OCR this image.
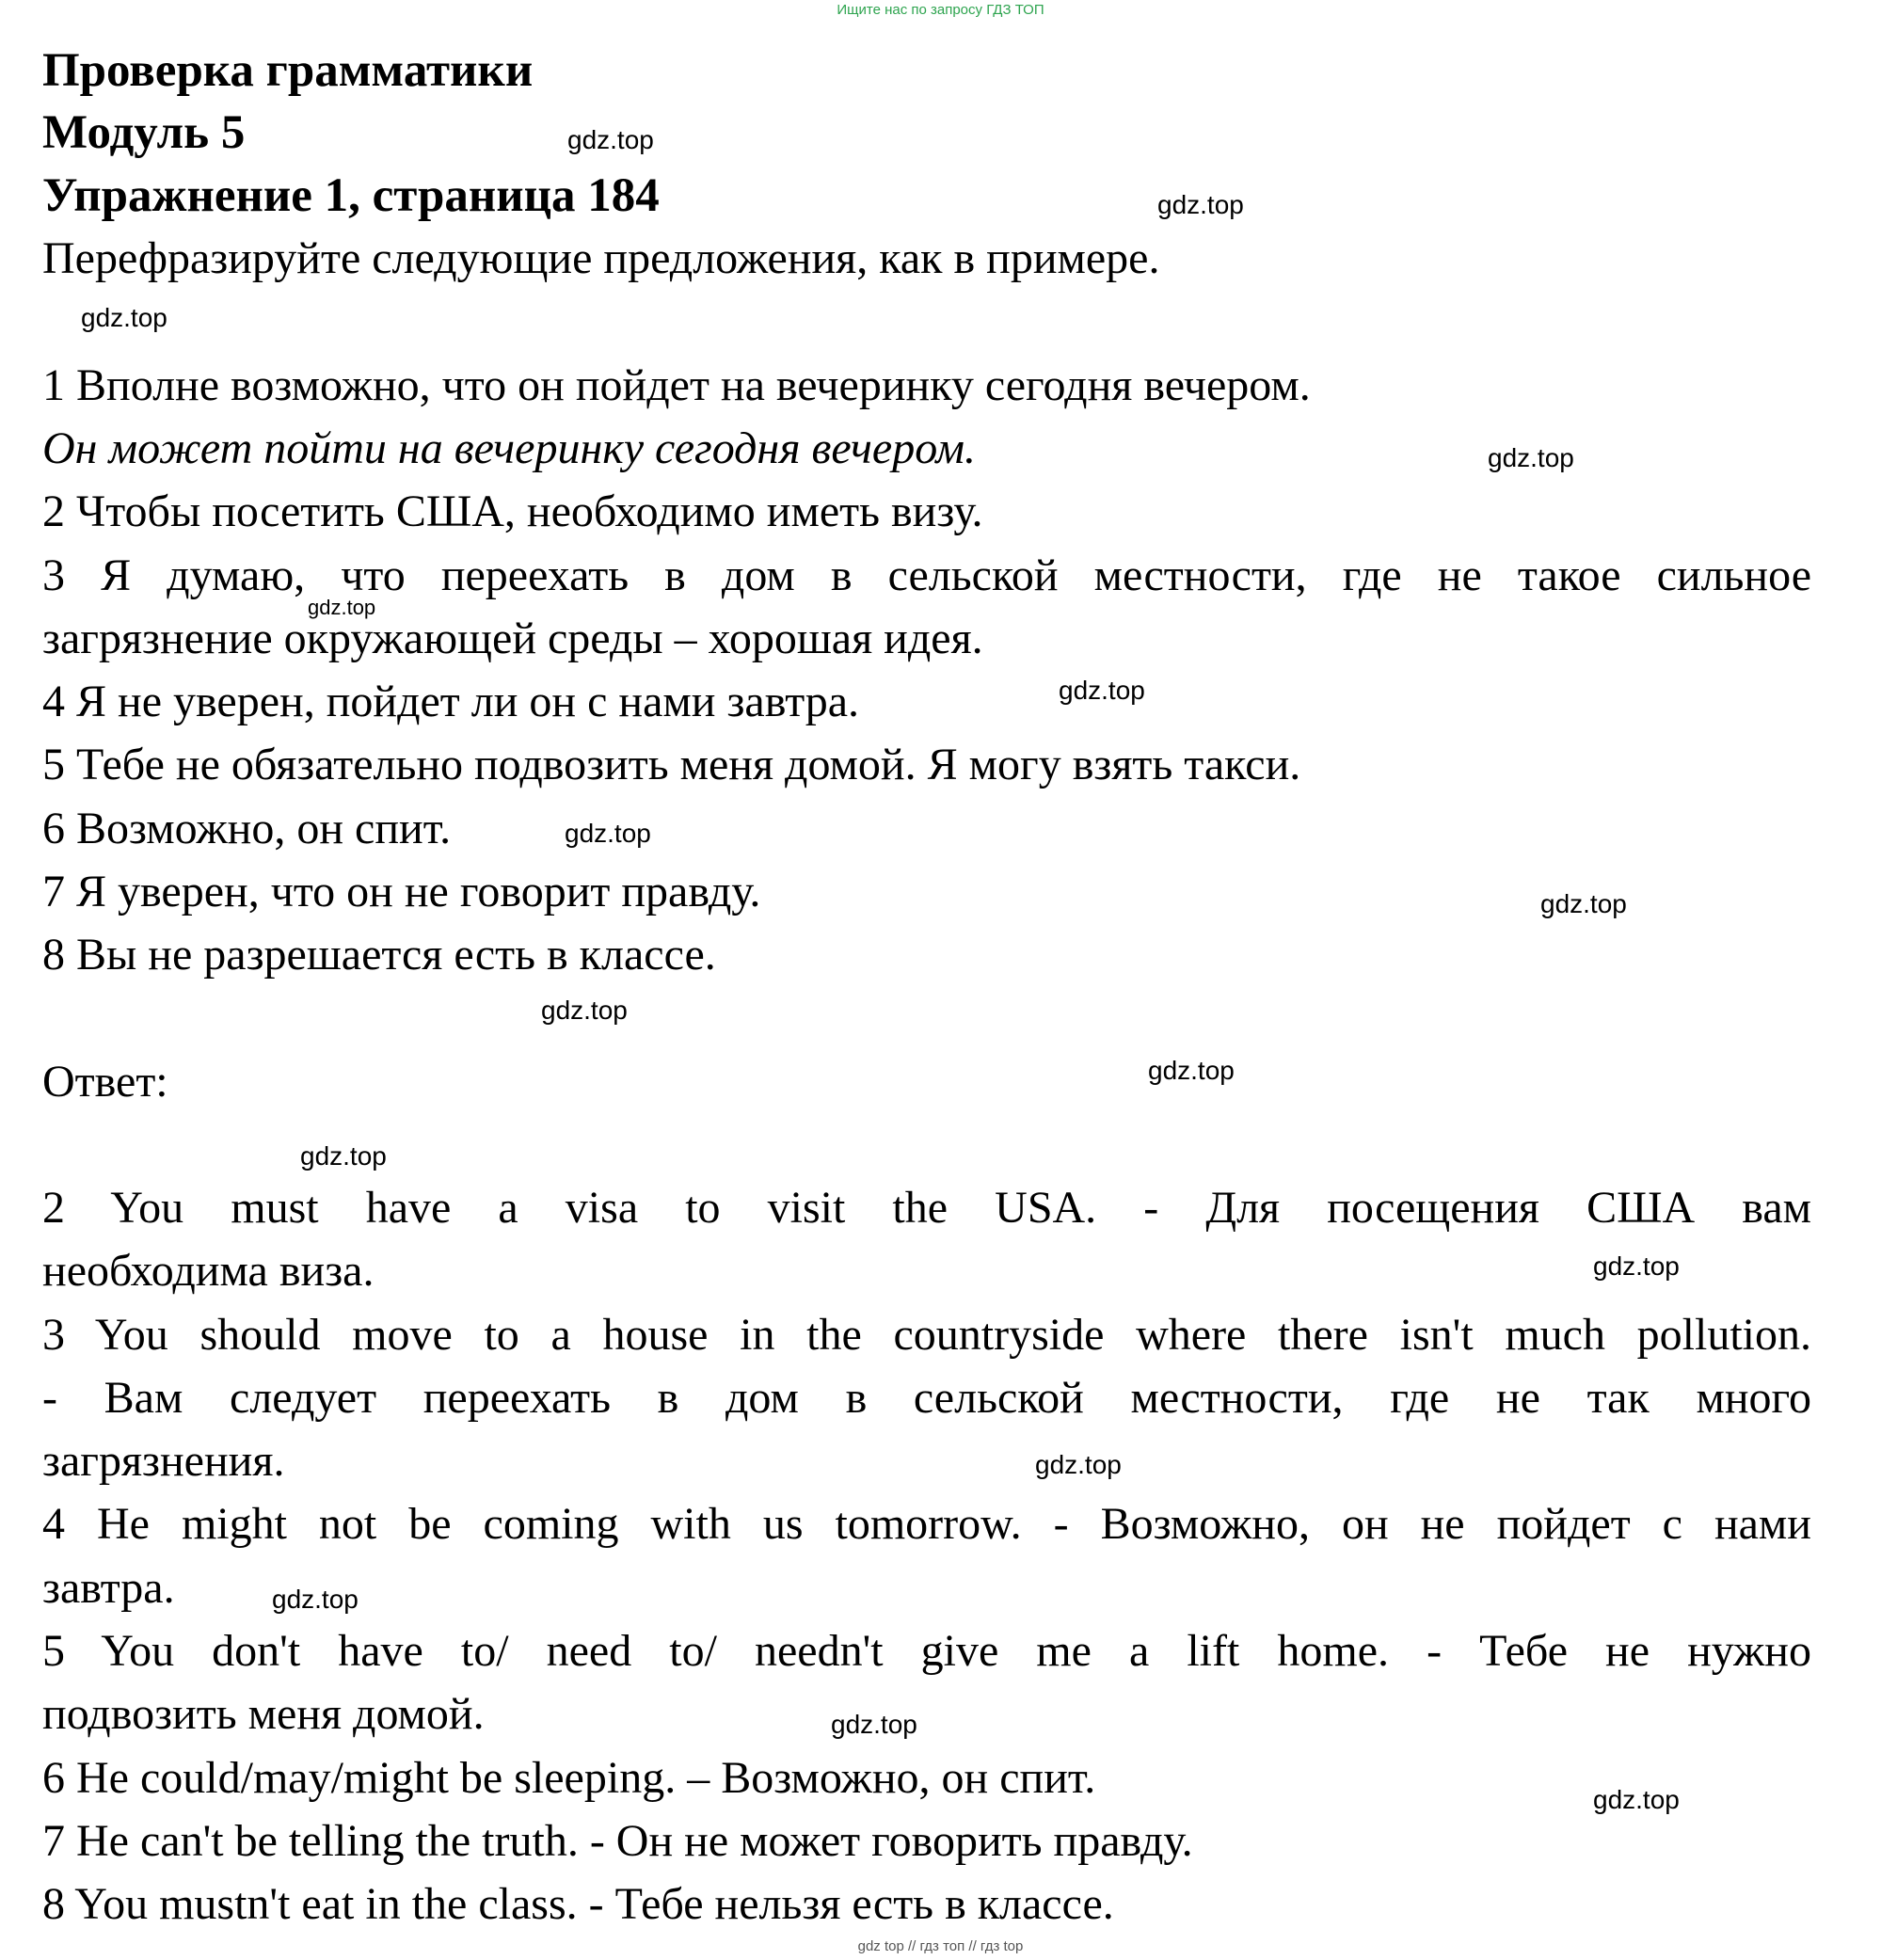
Ищите нас по запросу ГДЗ ТОП
Проверка грамматики
Модуль 5
Упражнение 1, страница 184
Перефразируйте следующие предложения, как в примере.
1 Вполне возможно, что он пойдет на вечеринку сегодня вечером.
Он может пойти на вечеринку сегодня вечером.
2 Чтобы посетить США, необходимо иметь визу.
3 Я думаю, что переехать в дом в сельской местности, где не такое сильное
загрязнение окружающей среды – хорошая идея.
4 Я не уверен, пойдет ли он с нами завтра.
5 Тебе не обязательно подвозить меня домой. Я могу взять такси.
6 Возможно, он спит.
7 Я уверен, что он не говорит правду.
8 Вы не разрешается есть в классе.
Ответ:
2 You must have a visa to visit the USA. - Для посещения США вам
необходима виза.
3 You should move to a house in the countryside where there isn't much pollution.
- Вам следует переехать в дом в сельской местности, где не так много
загрязнения.
4 He might not be coming with us tomorrow. - Возможно, он не пойдет с нами
завтра.
5 You don't have to/ need to/ needn't give me a lift home. - Тебе не нужно
подвозить меня домой.
6 He could/may/might be sleeping. – Возможно, он спит.
7 He can't be telling the truth. - Он не может говорить правду.
8 You mustn't eat in the class. - Тебе нельзя есть в классе.
gdz.top
gdz.top
gdz.top
gdz.top
gdz.top
gdz.top
gdz.top
gdz.top
gdz.top
gdz.top
gdz.top
gdz.top
gdz.top
gdz.top
gdz.top
gdz.top
gdz top // гдз топ // гдз top
